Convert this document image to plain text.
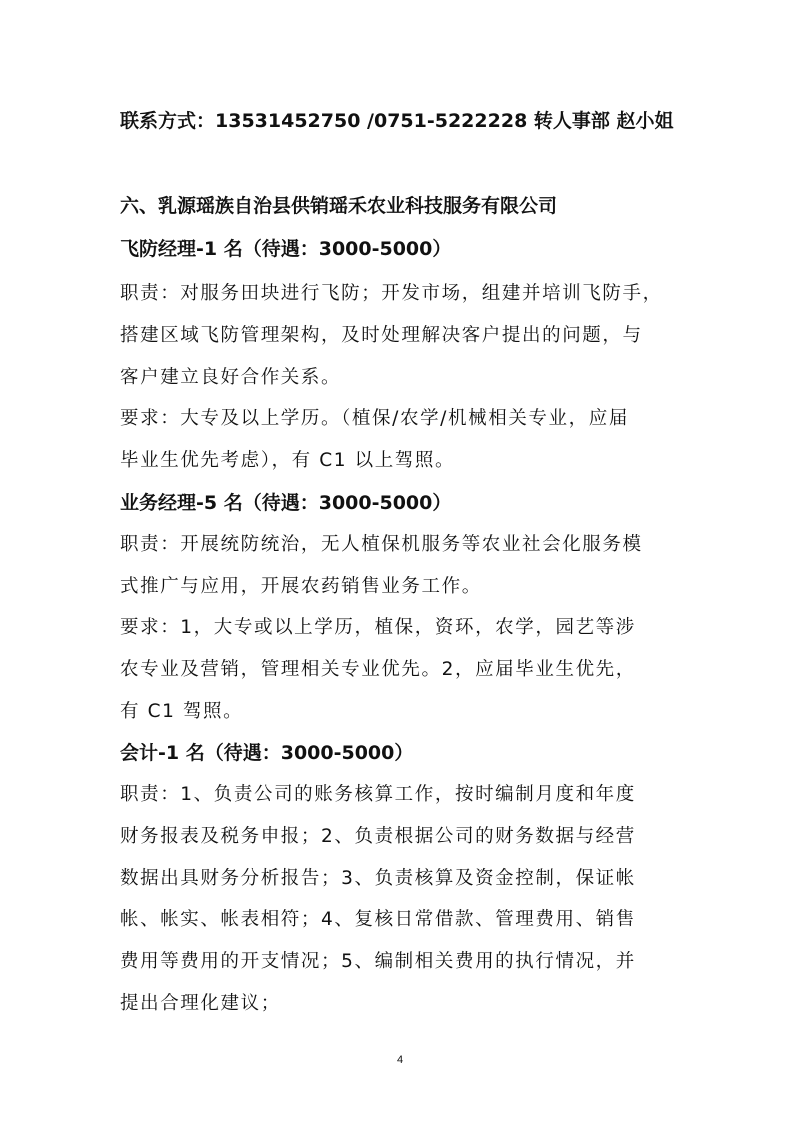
联系方式：13531452750 /0751-5222228 转人事部 赵小姐
六、乳源瑶族自治县供销瑶禾农业科技服务有限公司
飞防经理-1 名（待遇：3000-5000）
职责：对服务田块进行飞防；开发市场，组建并培训飞防手，
搭建区域飞防管理架构，及时处理解决客户提出的问题，与
客户建立良好合作关系。
要求：大专及以上学历。（植保/农学/机械相关专业，应届
毕业生优先考虑），有 C1 以上驾照。
业务经理-5 名（待遇：3000-5000）
职责：开展统防统治，无人植保机服务等农业社会化服务模
式推广与应用，开展农药销售业务工作。
要求：1，大专或以上学历，植保，资环，农学，园艺等涉
农专业及营销，管理相关专业优先。2，应届毕业生优先，
有 C1 驾照。
会计-1 名（待遇：3000-5000）
职责：1、负责公司的账务核算工作，按时编制月度和年度
财务报表及税务申报；2、负责根据公司的财务数据与经营
数据出具财务分析报告；3、负责核算及资金控制，保证帐
帐、帐实、帐表相符；4、复核日常借款、管理费用、销售
费用等费用的开支情况；5、编制相关费用的执行情况，并
提出合理化建议；
4
